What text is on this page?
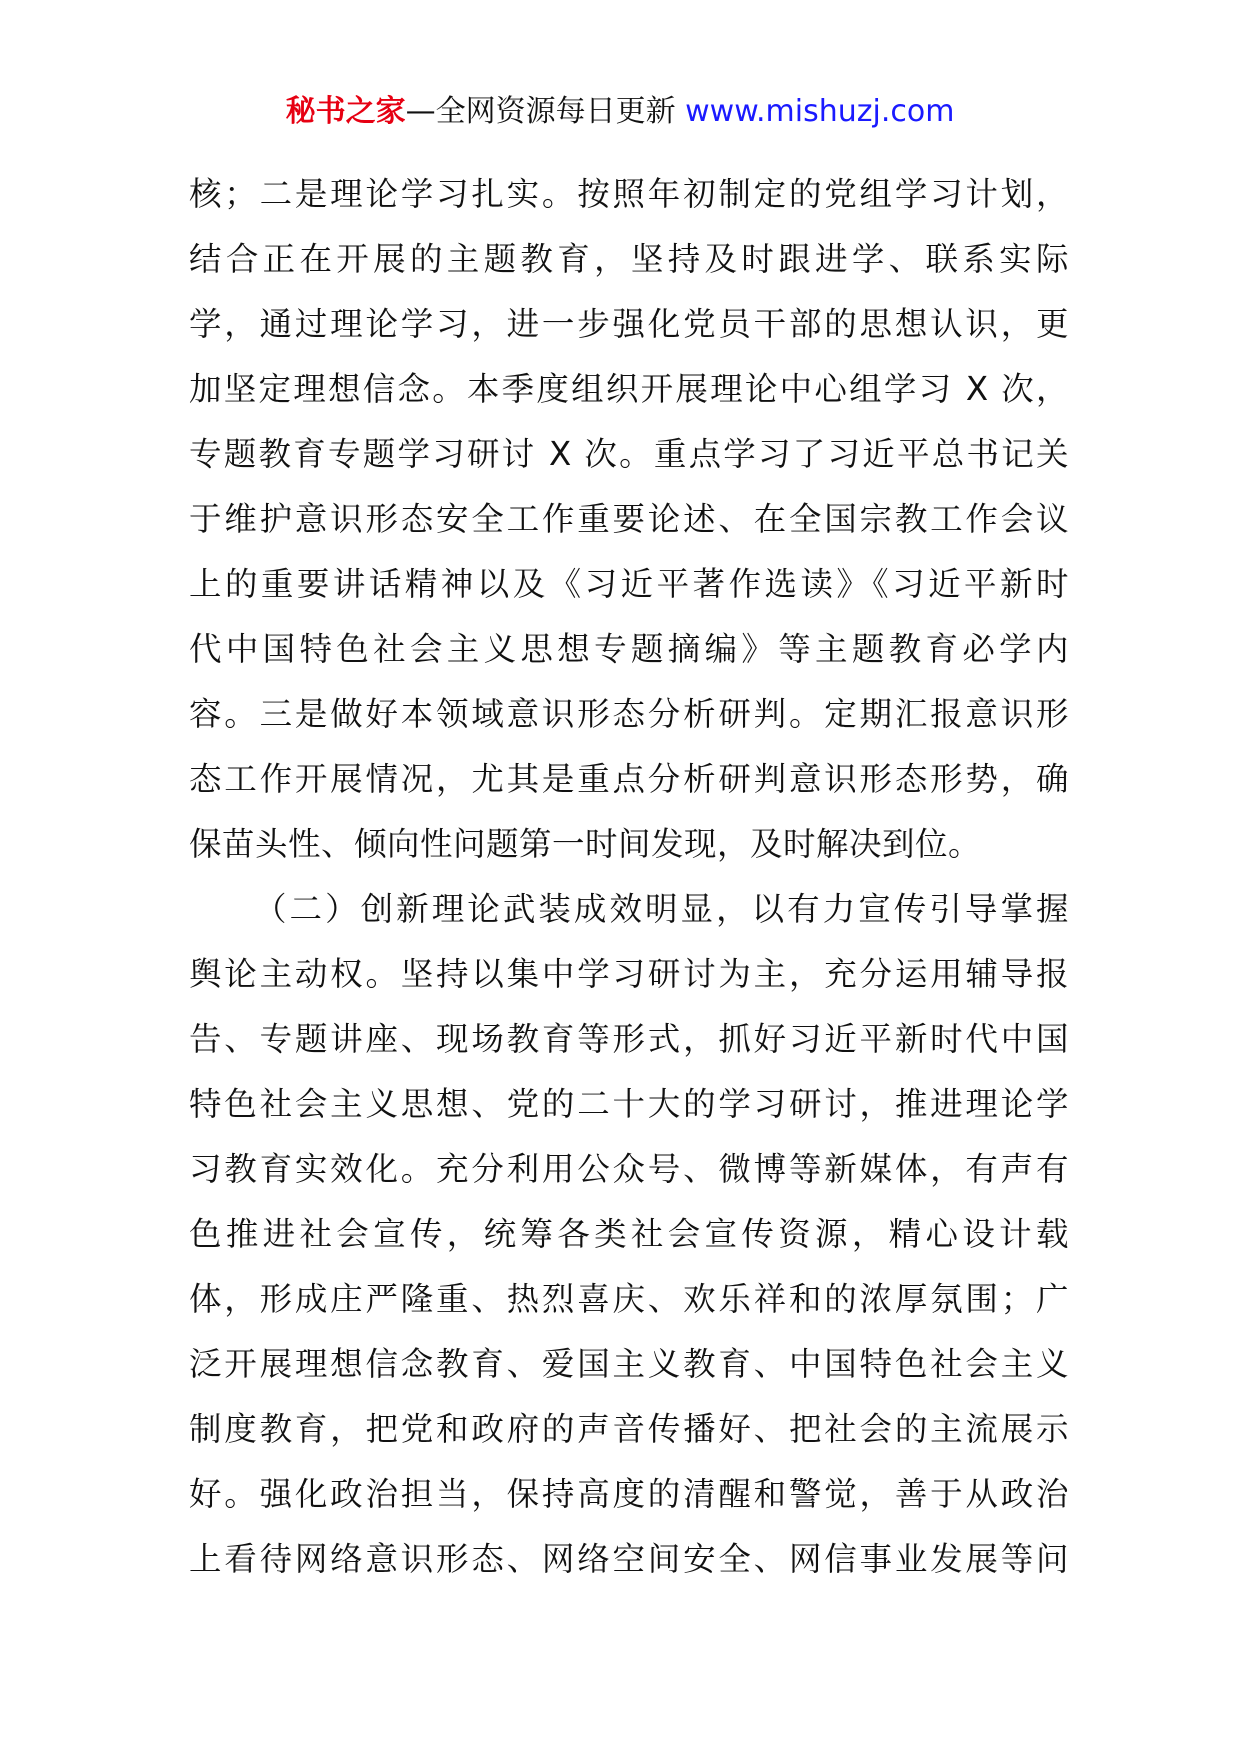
秘书之家—全网资源每日更新 www.mishuzj.com
核；二是理论学习扎实。按照年初制定的党组学习计划，
结合正在开展的主题教育，坚持及时跟进学、联系实际
学，通过理论学习，进一步强化党员干部的思想认识，更
加坚定理想信念。本季度组织开展理论中心组学习 X 次，
专题教育专题学习研讨 X 次。重点学习了习近平总书记关
于维护意识形态安全工作重要论述、在全国宗教工作会议
上的重要讲话精神以及《习近平著作选读》《习近平新时
代中国特色社会主义思想专题摘编》等主题教育必学内
容。三是做好本领域意识形态分析研判。定期汇报意识形
态工作开展情况，尤其是重点分析研判意识形态形势，确
保苗头性、倾向性问题第一时间发现，及时解决到位。
（二）创新理论武装成效明显，以有力宣传引导掌握
舆论主动权。坚持以集中学习研讨为主，充分运用辅导报
告、专题讲座、现场教育等形式，抓好习近平新时代中国
特色社会主义思想、党的二十大的学习研讨，推进理论学
习教育实效化。充分利用公众号、微博等新媒体，有声有
色推进社会宣传，统筹各类社会宣传资源，精心设计载
体，形成庄严隆重、热烈喜庆、欢乐祥和的浓厚氛围；广
泛开展理想信念教育、爱国主义教育、中国特色社会主义
制度教育，把党和政府的声音传播好、把社会的主流展示
好。强化政治担当，保持高度的清醒和警觉，善于从政治
上看待网络意识形态、网络空间安全、网信事业发展等问
